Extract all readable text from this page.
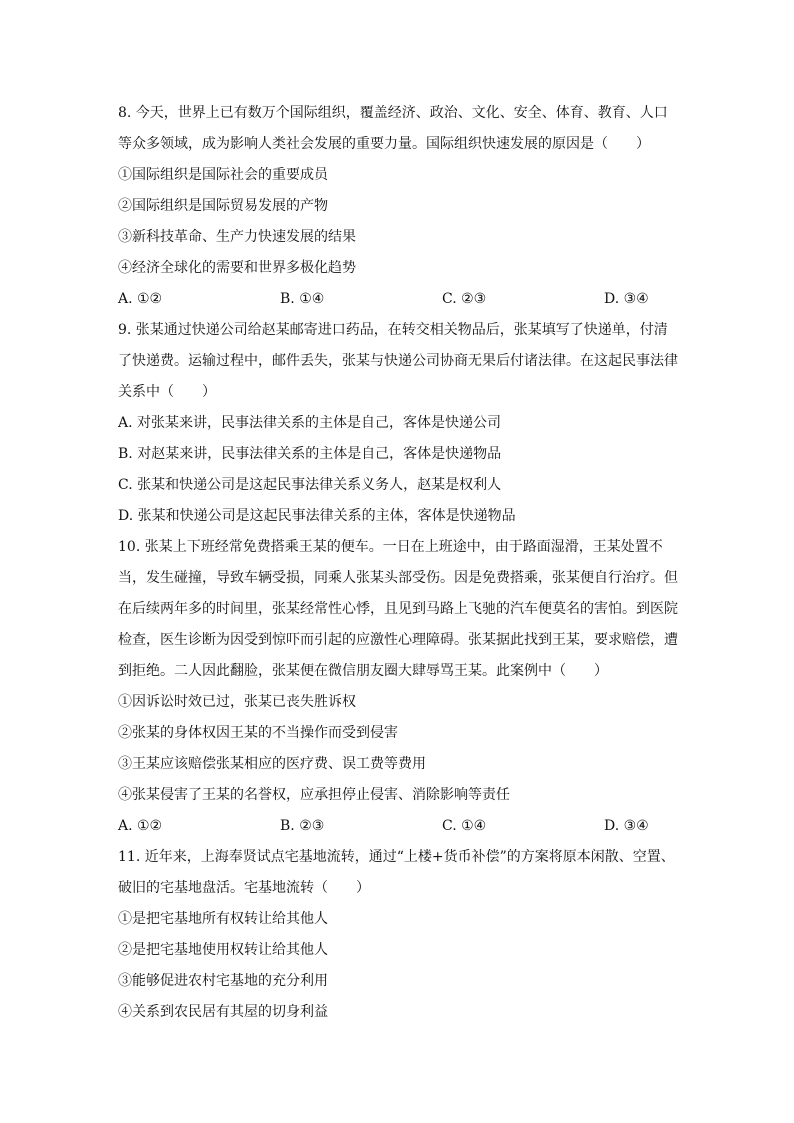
8. 今天，世界上已有数万个国际组织，覆盖经济、政治、文化、安全、体育、教育、人口等众多领域，成为影响人类社会发展的重要力量。国际组织快速发展的原因是（　　）
①国际组织是国际社会的重要成员
②国际组织是国际贸易发展的产物
③新科技革命、生产力快速发展的结果
④经济全球化的需要和世界多极化趋势
A. ①②	B. ①④	C. ②③	D. ③④
9. 张某通过快递公司给赵某邮寄进口药品，在转交相关物品后，张某填写了快递单，付清了快递费。运输过程中，邮件丢失，张某与快递公司协商无果后付诸法律。在这起民事法律关系中（　　）
A. 对张某来讲，民事法律关系的主体是自己，客体是快递公司
B. 对赵某来讲，民事法律关系的主体是自己，客体是快递物品
C. 张某和快递公司是这起民事法律关系义务人，赵某是权利人
D. 张某和快递公司是这起民事法律关系的主体，客体是快递物品
10. 张某上下班经常免费搭乘王某的便车。一日在上班途中，由于路面湿滑，王某处置不当，发生碰撞，导致车辆受损，同乘人张某头部受伤。因是免费搭乘，张某便自行治疗。但在后续两年多的时间里，张某经常性心悸，且见到马路上飞驰的汽车便莫名的害怕。到医院检查，医生诊断为因受到惊吓而引起的应激性心理障碍。张某据此找到王某，要求赔偿，遭到拒绝。二人因此翻脸，张某便在微信朋友圈大肆辱骂王某。此案例中（　　）
①因诉讼时效已过，张某已丧失胜诉权
②张某的身体权因王某的不当操作而受到侵害
③王某应该赔偿张某相应的医疗费、误工费等费用
④张某侵害了王某的名誉权，应承担停止侵害、消除影响等责任
A. ①②	B. ②③	C. ①④	D. ③④
11. 近年来，上海奉贤试点宅基地流转，通过“上楼+货币补偿”的方案将原本闲散、空置、破旧的宅基地盘活。宅基地流转（　　）
①是把宅基地所有权转让给其他人
②是把宅基地使用权转让给其他人
③能够促进农村宅基地的充分利用
④关系到农民居有其屋的切身利益
